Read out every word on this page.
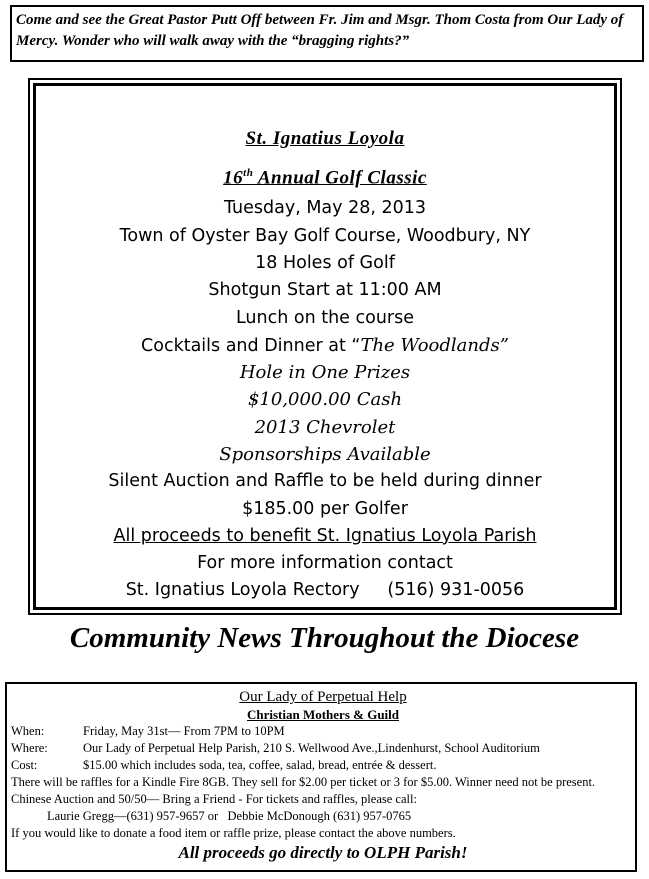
Come and see the Great Pastor Putt Off between Fr. Jim and Msgr. Thom Costa from Our Lady of Mercy. Wonder who will walk away with the “bragging rights?”
St. Ignatius Loyola
16th Annual Golf Classic
Tuesday, May 28, 2013
Town of Oyster Bay Golf Course, Woodbury, NY
18 Holes of Golf
Shotgun Start at 11:00 AM
Lunch on the course
Cocktails and Dinner at “The Woodlands”
Hole in One Prizes
$10,000.00 Cash
2013 Chevrolet
Sponsorships Available
Silent Auction and Raffle to be held during dinner
$185.00 per Golfer
All proceeds to benefit St. Ignatius Loyola Parish
For more information contact
St. Ignatius Loyola Rectory     (516) 931-0056
Community News Throughout the Diocese
Our Lady of Perpetual Help
Christian Mothers & Guild
When:	Friday, May 31st— From 7PM to 10PM
Where:	Our Lady of Perpetual Help Parish, 210 S. Wellwood Ave.,Lindenhurst, School Auditorium
Cost:	$15.00 which includes soda, tea, coffee, salad, bread, entrée & dessert.
There will be raffles for a Kindle Fire 8GB. They sell for $2.00 per ticket or 3 for $5.00. Winner need not be present. Chinese Auction and 50/50— Bring a Friend - For tickets and raffles, please call:
Laurie Gregg—(631) 957-9657 or   Debbie McDonough (631) 957-0765
If you would like to donate a food item or raffle prize, please contact the above numbers.
All proceeds go directly to OLPH Parish!
